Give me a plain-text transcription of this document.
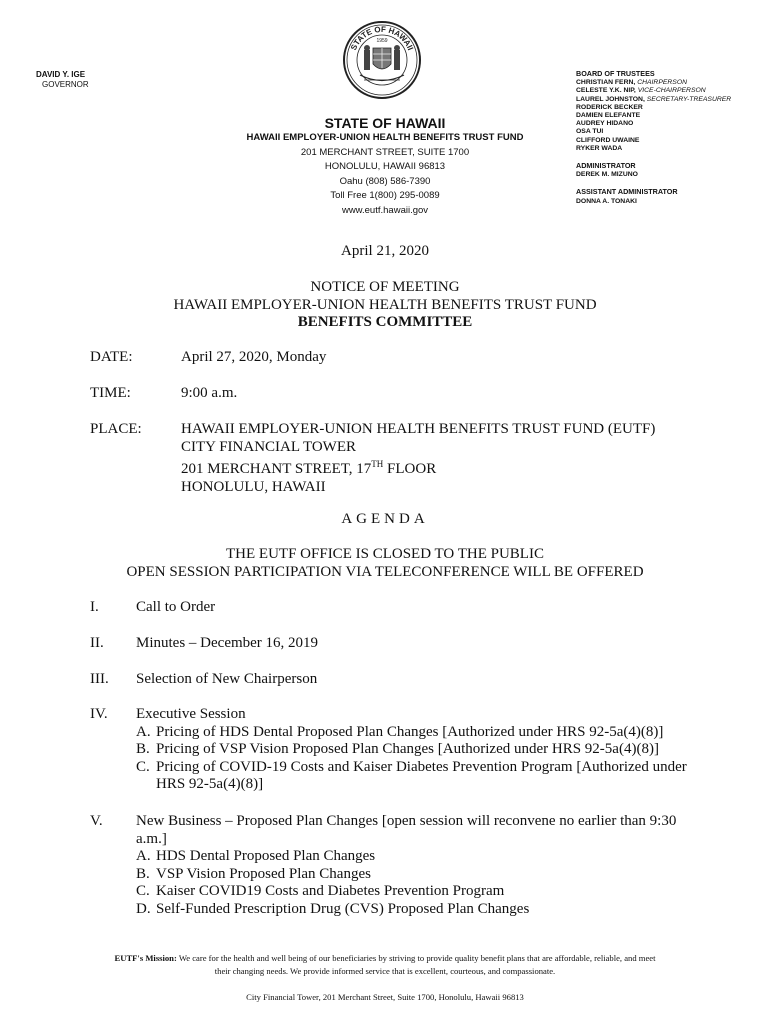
STATE OF HAWAII
1959
DAVID Y. IGE
GOVERNOR
STATE OF HAWAII
HAWAII EMPLOYER-UNION HEALTH BENEFITS TRUST FUND
201 MERCHANT STREET, SUITE 1700
HONOLULU, HAWAII 96813
Oahu (808) 586-7390
Toll Free 1(800) 295-0089
www.eutf.hawaii.gov
BOARD OF TRUSTEES
CHRISTIAN FERN, CHAIRPERSON
CELESTE Y.K. NIP, VICE-CHAIRPERSON
LAUREL JOHNSTON, SECRETARY-TREASURER
RODERICK BECKER
DAMIEN ELEFANTE
AUDREY HIDANO
OSA TUI
CLIFFORD UWAINE
RYKER WADA
ADMINISTRATOR
DEREK M. MIZUNO
ASSISTANT ADMINISTRATOR
DONNA A. TONAKI
April 21, 2020
NOTICE OF MEETING
HAWAII EMPLOYER-UNION HEALTH BENEFITS TRUST FUND
BENEFITS COMMITTEE
DATE:	April 27, 2020, Monday
TIME:	9:00 a.m.
PLACE:	HAWAII EMPLOYER-UNION HEALTH BENEFITS TRUST FUND (EUTF)
CITY FINANCIAL TOWER
201 MERCHANT STREET, 17TH FLOOR
HONOLULU, HAWAII
AGENDA
THE EUTF OFFICE IS CLOSED TO THE PUBLIC
OPEN SESSION PARTICIPATION VIA TELECONFERENCE WILL BE OFFERED
I. Call to Order
II. Minutes – December 16, 2019
III. Selection of New Chairperson
IV. Executive Session
A. Pricing of HDS Dental Proposed Plan Changes [Authorized under HRS 92-5a(4)(8)]
B. Pricing of VSP Vision Proposed Plan Changes [Authorized under HRS 92-5a(4)(8)]
C. Pricing of COVID-19 Costs and Kaiser Diabetes Prevention Program [Authorized under HRS 92-5a(4)(8)]
V. New Business – Proposed Plan Changes [open session will reconvene no earlier than 9:30 a.m.]
A. HDS Dental Proposed Plan Changes
B. VSP Vision Proposed Plan Changes
C. Kaiser COVID19 Costs and Diabetes Prevention Program
D. Self-Funded Prescription Drug (CVS) Proposed Plan Changes
EUTF's Mission: We care for the health and well being of our beneficiaries by striving to provide quality benefit plans that are affordable, reliable, and meet their changing needs. We provide informed service that is excellent, courteous, and compassionate.
City Financial Tower, 201 Merchant Street, Suite 1700, Honolulu, Hawaii 96813
